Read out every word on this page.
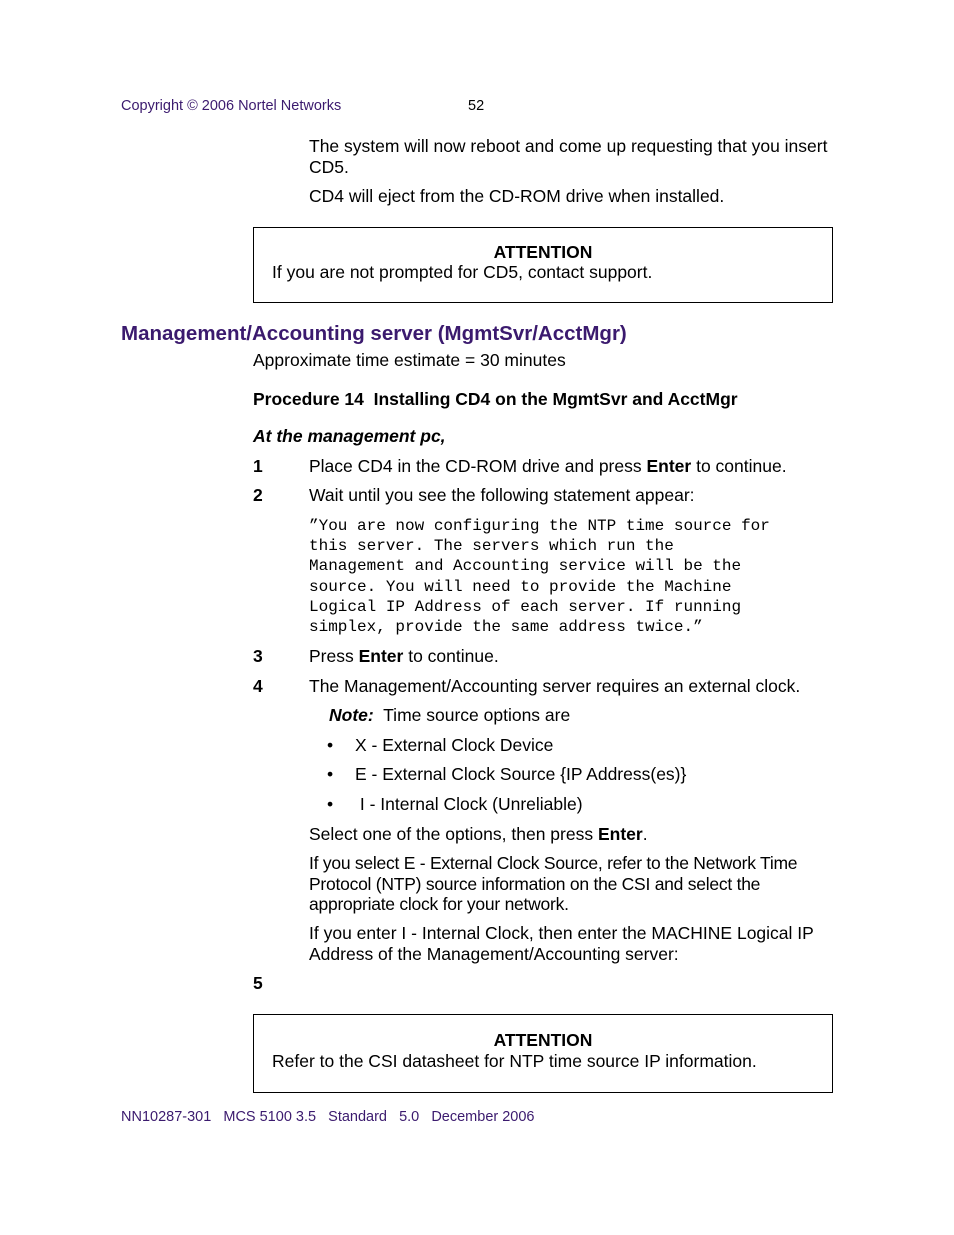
Copyright © 2006 Nortel Networks	52
The system will now reboot and come up requesting that you insert CD5.
CD4 will eject from the CD-ROM drive when installed.
ATTENTION
If you are not prompted for CD5, contact support.
Management/Accounting server (MgmtSvr/AcctMgr)
Approximate time estimate = 30 minutes
Procedure 14  Installing CD4 on the MgmtSvr and AcctMgr
At the management pc,
1	Place CD4 in the CD-ROM drive and press Enter to continue.
2	Wait until you see the following statement appear:
”You are now configuring the NTP time source for
this server. The servers which run the
Management and Accounting service will be the
source. You will need to provide the Machine
Logical IP Address of each server. If running
simplex, provide the same address twice.”
3	Press Enter to continue.
4	The Management/Accounting server requires an external clock.
Note: Time source options are
• X - External Clock Device
• E - External Clock Source {IP Address(es)}
• I - Internal Clock (Unreliable)
Select one of the options, then press Enter.
If you select E - External Clock Source, refer to the Network Time Protocol (NTP) source information on the CSI and select the appropriate clock for your network.
If you enter I - Internal Clock, then enter the MACHINE Logical IP Address of the Management/Accounting server:
5
ATTENTION
Refer to the CSI datasheet for NTP time source IP information.
NN10287-301   MCS 5100 3.5   Standard   5.0   December 2006
